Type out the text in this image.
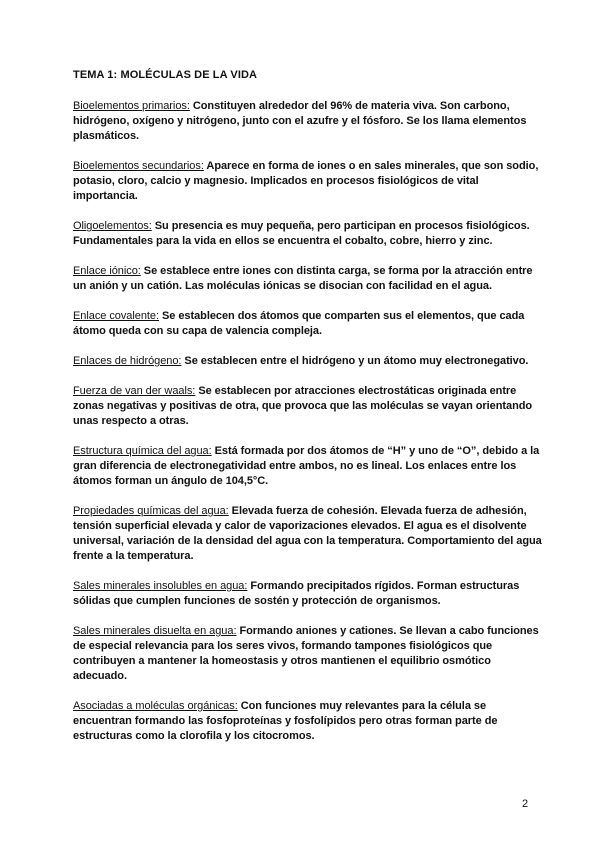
TEMA 1: MOLÉCULAS DE LA VIDA
Bioelementos primarios: Constituyen alrededor del 96% de materia viva. Son carbono, hidrógeno, oxígeno y nitrógeno, junto con el azufre y el fósforo. Se los llama elementos plasmáticos.
Bioelementos secundarios: Aparece en forma de iones o en sales minerales, que son sodio, potasio, cloro, calcio y magnesio. Implicados en procesos fisiológicos de vital importancia.
Oligoelementos: Su presencia es muy pequeña, pero participan en procesos fisiológicos. Fundamentales para la vida en ellos se encuentra el cobalto, cobre, hierro y zinc.
Enlace iónico: Se establece entre iones con distinta carga, se forma por la atracción entre un anión y un catión. Las moléculas iónicas se disocian con facilidad en el agua.
Enlace covalente: Se establecen dos átomos que comparten sus el elementos, que cada átomo queda con su capa de valencia compleja.
Enlaces de hidrógeno: Se establecen entre el hidrógeno y un átomo muy electronegativo.
Fuerza de van der waals: Se establecen por atracciones electrostáticas originada entre zonas negativas y positivas de otra, que provoca que las moléculas se vayan orientando unas respecto a otras.
Estructura química del agua: Está formada por dos átomos de “H” y uno de “O”, debido a la gran diferencia de electronegatividad entre ambos, no es lineal. Los enlaces entre los átomos forman un ángulo de 104,5°C.
Propiedades químicas del agua: Elevada fuerza de cohesión. Elevada fuerza de adhesión, tensión superficial elevada y calor de vaporizaciones elevados. El agua es el disolvente universal, variación de la densidad del agua con la temperatura. Comportamiento del agua frente a la temperatura.
Sales minerales insolubles en agua: Formando precipitados rígidos. Forman estructuras sólidas que cumplen funciones de sostén y protección de organismos.
Sales minerales disuelta en agua: Formando aniones y cationes. Se llevan a cabo funciones de especial relevancia para los seres vivos, formando tampones fisiológicos que contribuyen a mantener la homeostasis y otros mantienen el equilibrio osmótico adecuado.
Asociadas a moléculas orgánicas: Con funciones muy relevantes para la célula se encuentran formando las fosfoproteínas y fosfolípidos pero otras forman parte de estructuras como la clorofila y los citocromos.
2
